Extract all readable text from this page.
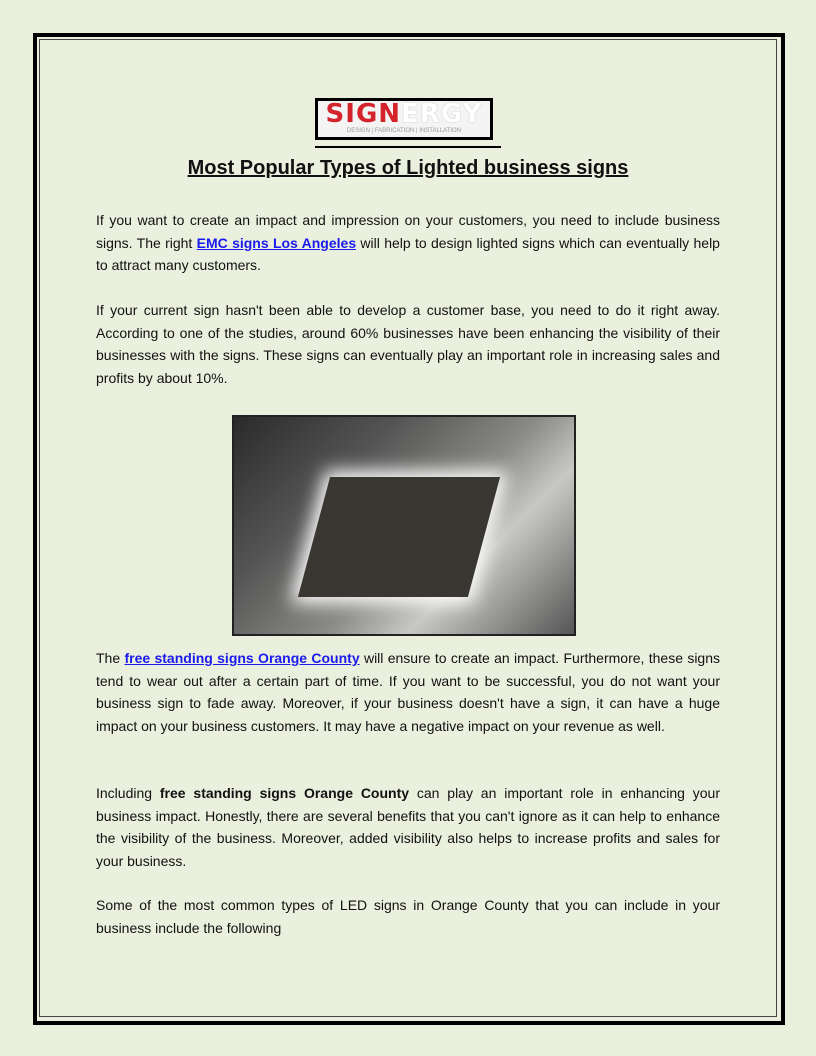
SIGNERGY
DESIGN | FABRICATION | INSTALLATION
Most Popular Types of Lighted business signs

If you want to create an impact and impression on your customers, you need to include business signs. The right EMC signs Los Angeles will help to design lighted signs which can eventually help to attract many customers.

If your current sign hasn't been able to develop a customer base, you need to do it right away. According to one of the studies, around 60% businesses have been enhancing the visibility of their businesses with the signs. These signs can eventually play an important role in increasing sales and profits by about 10%.

The free standing signs Orange County will ensure to create an impact. Furthermore, these signs tend to wear out after a certain part of time. If you want to be successful, you do not want your business sign to fade away. Moreover, if your business doesn't have a sign, it can have a huge impact on your business customers. It may have a negative impact on your revenue as well.

Including free standing signs Orange County can play an important role in enhancing your business impact. Honestly, there are several benefits that you can't ignore as it can help to enhance the visibility of the business. Moreover, added visibility also helps to increase profits and sales for your business.

Some of the most common types of LED signs in Orange County that you can include in your business include the following
